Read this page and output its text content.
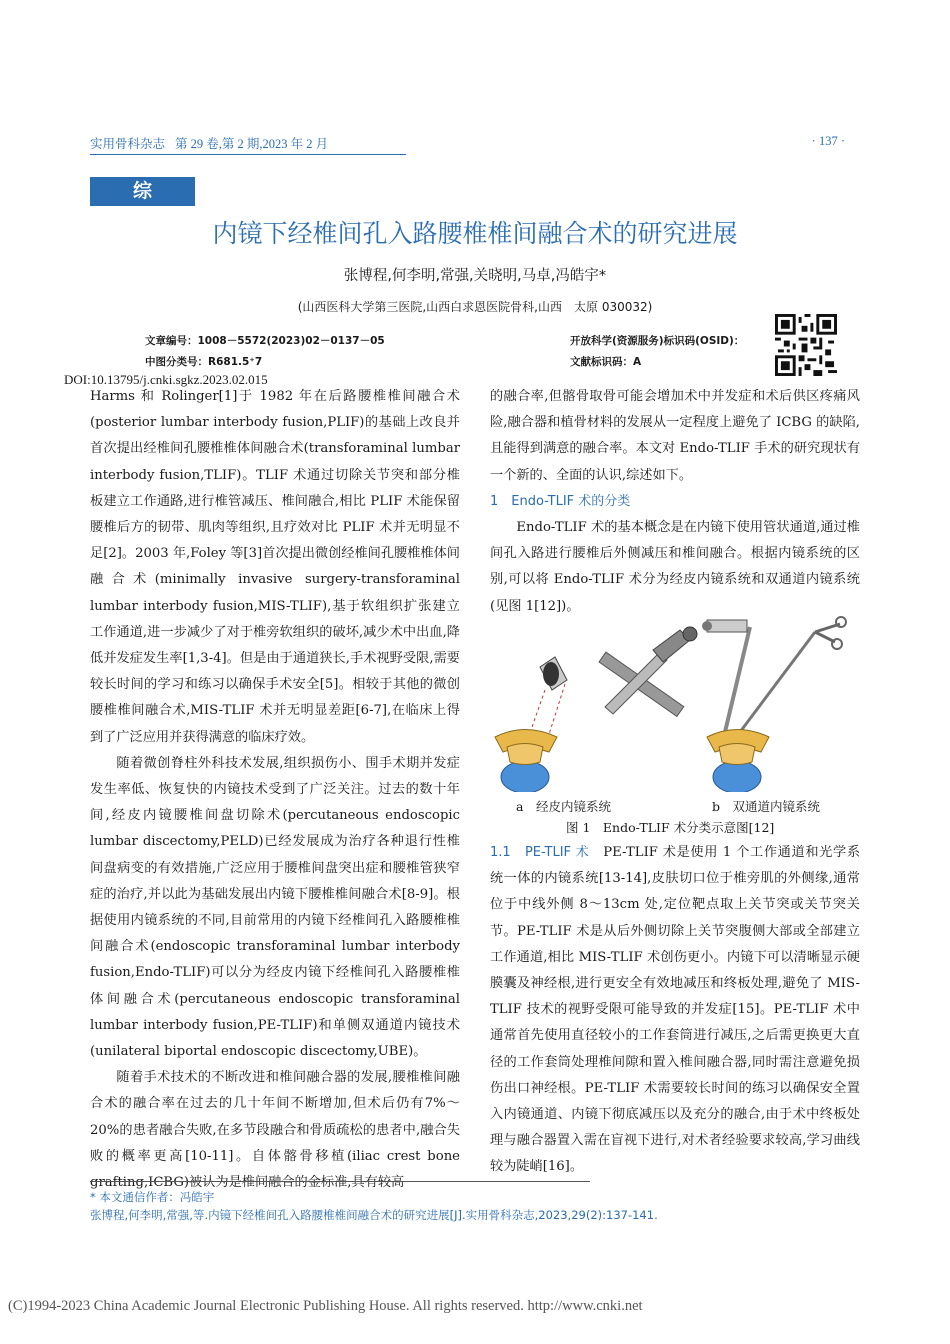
实用骨科杂志 第 29 卷,第 2 期,2023 年 2 月	· 137 ·
综述	内镜下经椎间孔入路腰椎椎间融合术的研究进展
张博程,何李明,常强,关晓明,马卓,冯皓宇*
(山西医科大学第三医院,山西白求恩医院骨科,山西　太原 030032)
文章编号：1008－5572(2023)02－0137－05
中图分类号：R681.5⁺7
开放科学(资源服务)标识码(OSID)：
文献标识码：A
DOI:10.13795/j.cnki.sgkz.2023.02.015

Harms 和 Rolinger[1]于 1982 年在后路腰椎椎间融合术(posterior lumbar interbody fusion,PLIF)的基础上改良并首次提出经椎间孔腰椎椎体间融合术(transforaminal lumbar interbody fusion,TLIF)。TLIF 术通过切除关节突和部分椎板建立工作通路,进行椎管减压、椎间融合,相比 PLIF 术能保留腰椎后方的韧带、肌肉等组织,且疗效对比 PLIF 术并无明显不足[2]。2003 年,Foley 等[3]首次提出微创经椎间孔腰椎椎体间融合术(minimally invasive surgery-transforaminal lumbar interbody fusion,MIS-TLIF),基于软组织扩张建立工作通道,进一步减少了对于椎旁软组织的破坏,减少术中出血,降低并发症发生率[1,3-4]。但是由于通道狭长,手术视野受限,需要较长时间的学习和练习以确保手术安全[5]。相较于其他的微创腰椎椎间融合术,MIS-TLIF 术并无明显差距[6-7],在临床上得到了广泛应用并获得满意的临床疗效。

随着微创脊柱外科技术发展,组织损伤小、围手术期并发症发生率低、恢复快的内镜技术受到了广泛关注。过去的数十年间,经皮内镜腰椎间盘切除术(percutaneous endoscopic lumbar discectomy,PELD)已经发展成为治疗各种退行性椎间盘病变的有效措施,广泛应用于腰椎间盘突出症和腰椎管狭窄症的治疗,并以此为基础发展出内镜下腰椎椎间融合术[8-9]。根据使用内镜系统的不同,目前常用的内镜下经椎间孔入路腰椎椎间融合术(endoscopic transforaminal lumbar interbody fusion,Endo-TLIF)可以分为经皮内镜下经椎间孔入路腰椎椎体间融合术(percutaneous endoscopic transforaminal lumbar interbody fusion,PE-TLIF)和单侧双通道内镜技术(unilateral biportal endoscopic discectomy,UBE)。

随着手术技术的不断改进和椎间融合器的发展,腰椎椎间融合术的融合率在过去的几十年间不断增加,但术后仍有7%～20%的患者融合失败,在多节段融合和骨质疏松的患者中,融合失败的概率更高[10-11]。自体髂骨移植(iliac crest bone grafting,ICBG)被认为是椎间融合的金标准,具有较高

的融合率,但髂骨取骨可能会增加术中并发症和术后供区疼痛风险,融合器和植骨材料的发展从一定程度上避免了 ICBG 的缺陷,且能得到满意的融合率。本文对 Endo-TLIF 手术的研究现状有一个新的、全面的认识,综述如下。

1　Endo-TLIF 术的分类

Endo-TLIF 术的基本概念是在内镜下使用管状通道,通过椎间孔入路进行腰椎后外侧减压和椎间融合。根据内镜系统的区别,可以将 Endo-TLIF 术分为经皮内镜系统和双通道内镜系统(见图 1[12])。

a　经皮内镜系统	b　双通道内镜系统
图 1　Endo-TLIF 术分类示意图[12]

1.1　PE-TLIF 术　 PE-TLIF 术是使用 1 个工作通道和光学系统一体的内镜系统[13-14],皮肤切口位于椎旁肌的外侧缘,通常位于中线外侧 8～13cm 处,定位靶点取上关节突或关节突关节。PE-TLIF 术是从后外侧切除上关节突腹侧大部或全部建立工作通道,相比 MIS-TLIF 术创伤更小。内镜下可以清晰显示硬膜囊及神经根,进行更安全有效地减压和终板处理,避免了 MIS-TLIF 技术的视野受限可能导致的并发症[15]。PE-TLIF 术中通常首先使用直径较小的工作套筒进行减压,之后需更换更大直径的工作套筒处理椎间隙和置入椎间融合器,同时需注意避免损伤出口神经根。PE-TLIF 术需要较长时间的练习以确保安全置入内镜通道、内镜下彻底减压以及充分的融合,由于术中终板处理与融合器置入需在盲视下进行,对术者经验要求较高,学习曲线较为陡峭[16]。

* 本文通信作者：冯皓宇
张博程,何李明,常强,等.内镜下经椎间孔入路腰椎椎间融合术的研究进展[J].实用骨科杂志,2023,29(2):137-141.
(C)1994-2023 China Academic Journal Electronic Publishing House. All rights reserved. http://www.cnki.net
